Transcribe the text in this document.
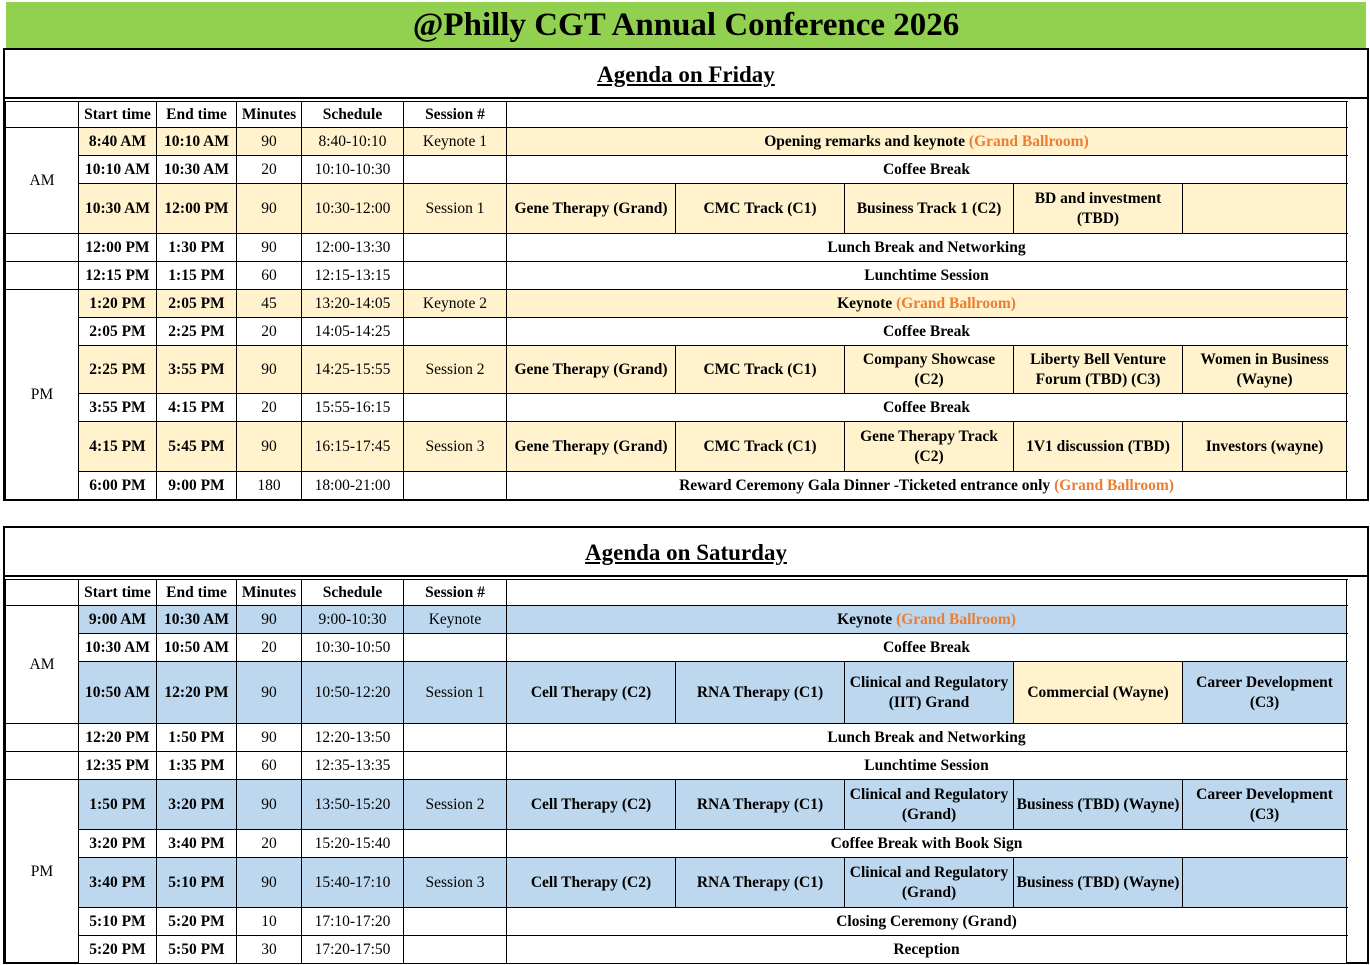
@Philly CGT Annual Conference 2026
Agenda on Friday
	Start time	End time	Minutes	Schedule	Session #					
AM	8:40 AM	10:10 AM	90	8:40-10:10	Keynote 1	Opening remarks and keynote (Grand Ballroom)				
	10:10 AM	10:30 AM	20	10:10-10:30		Coffee Break				
	10:30 AM	12:00 PM	90	10:30-12:00	Session 1	Gene Therapy (Grand)	CMC Track (C1)	Business Track 1 (C2)	BD and investment (TBD)	
	12:00 PM	1:30 PM	90	12:00-13:30		Lunch Break and Networking				
	12:15 PM	1:15 PM	60	12:15-13:15		Lunchtime Session				
PM	1:20 PM	2:05 PM	45	13:20-14:05	Keynote 2	Keynote (Grand Ballroom)				
	2:05 PM	2:25 PM	20	14:05-14:25		Coffee Break				
	2:25 PM	3:55 PM	90	14:25-15:55	Session 2	Gene Therapy (Grand)	CMC Track (C1)	Company Showcase (C2)	Liberty Bell Venture Forum (TBD) (C3)	Women in Business (Wayne)
	3:55 PM	4:15 PM	20	15:55-16:15		Coffee Break				
	4:15 PM	5:45 PM	90	16:15-17:45	Session 3	Gene Therapy (Grand)	CMC Track (C1)	Gene Therapy Track (C2)	1V1 discussion (TBD)	Investors (wayne)
	6:00 PM	9:00 PM	180	18:00-21:00		Reward Ceremony Gala Dinner -Ticketed entrance only (Grand Ballroom)				
Agenda on Saturday
	Start time	End time	Minutes	Schedule	Session #					
AM	9:00 AM	10:30 AM	90	9:00-10:30	Keynote	Keynote (Grand Ballroom)				
	10:30 AM	10:50 AM	20	10:30-10:50		Coffee Break				
	10:50 AM	12:20 PM	90	10:50-12:20	Session 1	Cell Therapy (C2)	RNA Therapy (C1)	Clinical and Regulatory (IIT) Grand	Commercial (Wayne)	Career Development (C3)
	12:20 PM	1:50 PM	90	12:20-13:50		Lunch Break and Networking				
	12:35 PM	1:35 PM	60	12:35-13:35		Lunchtime Session				
PM	1:50 PM	3:20 PM	90	13:50-15:20	Session 2	Cell Therapy (C2)	RNA Therapy (C1)	Clinical and Regulatory (Grand)	Business (TBD) (Wayne)	Career Development (C3)
	3:20 PM	3:40 PM	20	15:20-15:40		Coffee Break with Book Sign				
	3:40 PM	5:10 PM	90	15:40-17:10	Session 3	Cell Therapy (C2)	RNA Therapy (C1)	Clinical and Regulatory (Grand)	Business (TBD) (Wayne)	
	5:10 PM	5:20 PM	10	17:10-17:20		Closing Ceremony (Grand)				
	5:20 PM	5:50 PM	30	17:20-17:50		Reception				
